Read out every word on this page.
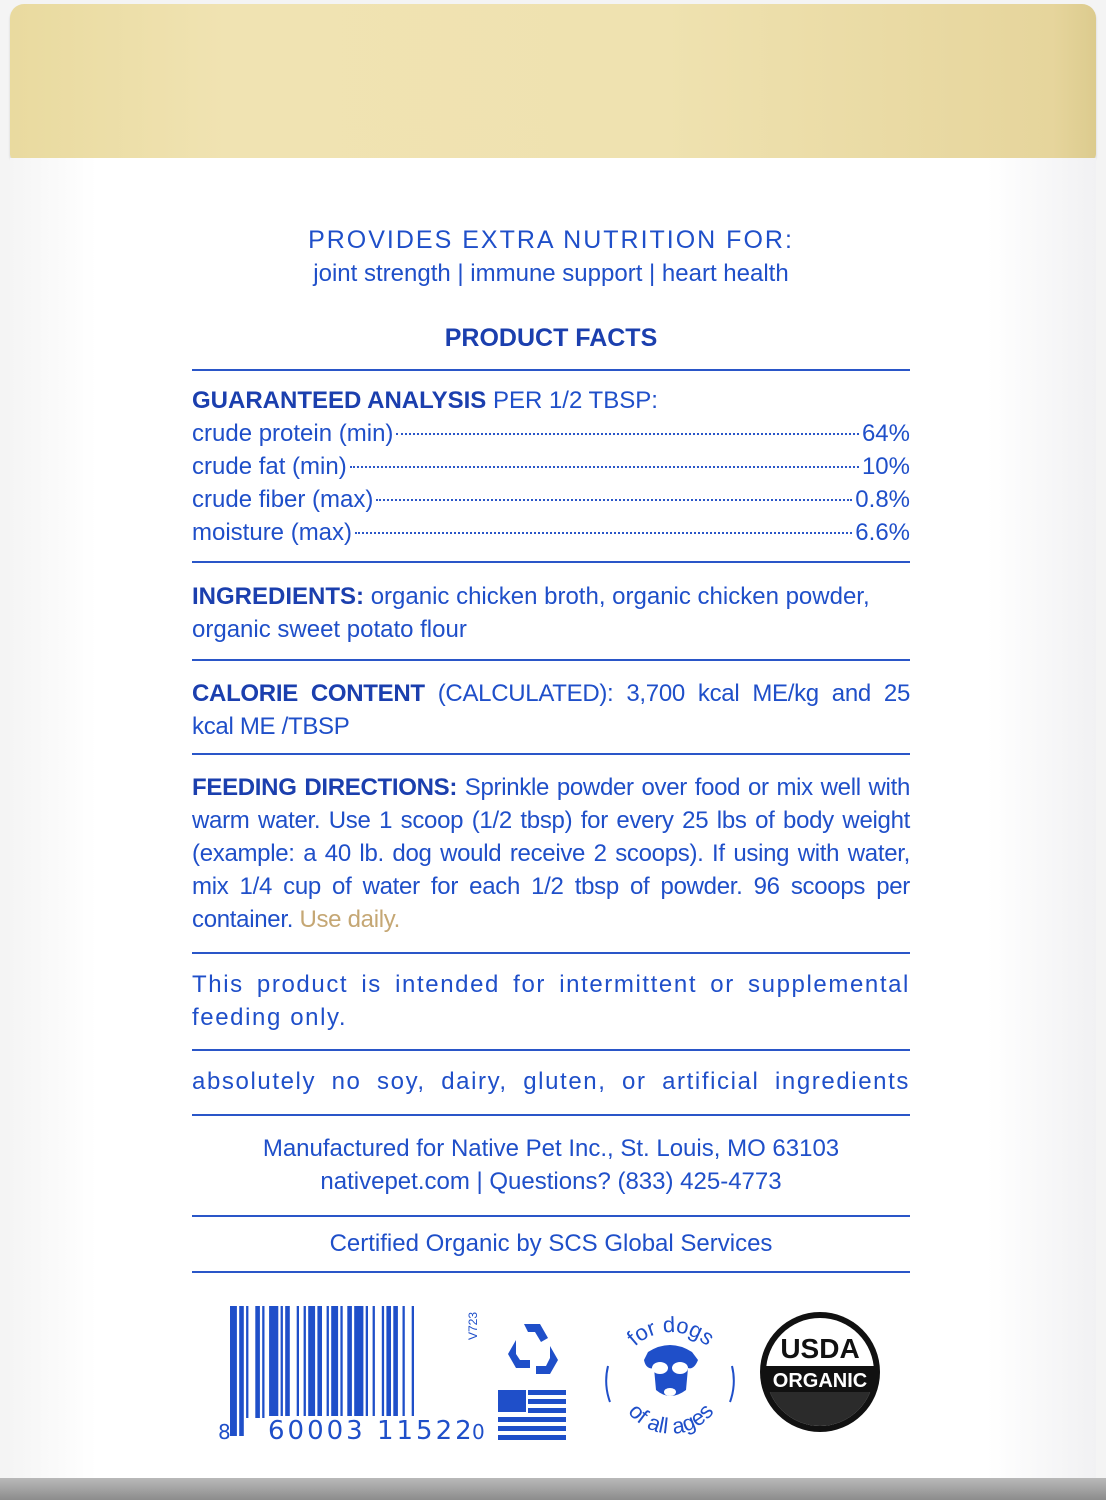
PROVIDES EXTRA NUTRITION FOR:
joint strength | immune support | heart health
PRODUCT FACTS
GUARANTEED ANALYSIS PER 1/2 TBSP:
crude protein (min)	64%
crude fat (min)	10%
crude fiber (max)	0.8%
moisture (max)	6.6%
INGREDIENTS: organic chicken broth, organic chicken powder, organic sweet potato flour
CALORIE CONTENT (CALCULATED): 3,700 kcal ME/kg and 25 kcal ME /TBSP
FEEDING DIRECTIONS: Sprinkle powder over food or mix well with warm water. Use 1 scoop (1/2 tbsp) for every 25 lbs of body weight (example: a 40 lb. dog would receive 2 scoops). If using with water, mix 1/4 cup of water for each 1/2 tbsp of powder. 96 scoops per container. Use daily.
This product is intended for intermittent or supplemental feeding only.
absolutely no soy, dairy, gluten, or artificial ingredients
Manufactured for Native Pet Inc., St. Louis, MO 63103
nativepet.com | Questions? (833) 425-4773
Certified Organic by SCS Global Services
8 60003 11522
0
V723	for dogs
of all ages
USDA
ORGANIC
